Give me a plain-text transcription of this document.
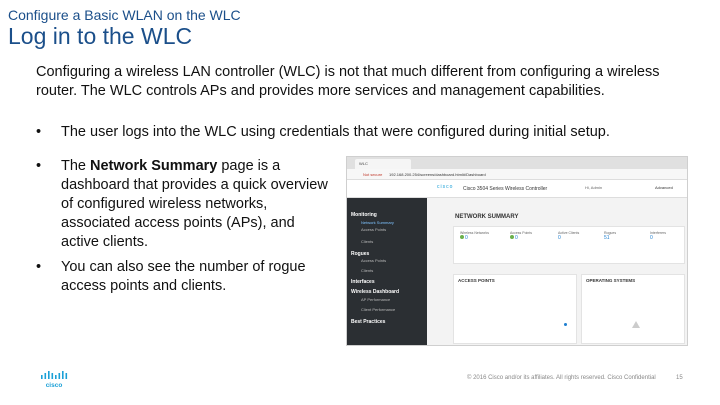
Configure a Basic WLAN on the WLC
Log in to the WLC
Configuring a wireless LAN controller (WLC) is not that much different from configuring a wireless router. The WLC controls APs and provides more services and management capabilities.
• The user logs into the WLC using credentials that were configured during initial setup.
• The Network Summary page is a dashboard that provides a quick overview of configured wireless networks, associated access points (APs), and active clients.
• You can also see the number of rogue access points and clients.
WLC
Not secure 192.168.200.254/screens/dashboard.html#/Dashboard
cisco Cisco 3504 Series Wireless Controller	Hi, Admin	Advanced
Monitoring
Network Summary
Access Points
Clients
Rogues
Access Points
Clients
Interfaces
Wireless Dashboard
AP Performance
Client Performance
Best Practices
NETWORK SUMMARY
Wireless Networks
0
Access Points
0
Active Clients
0
Rogues
51
Interferers
0
ACCESS POINTS	OPERATING SYSTEMS
cisco
© 2016 Cisco and/or its affiliates. All rights reserved. Cisco Confidential	15
